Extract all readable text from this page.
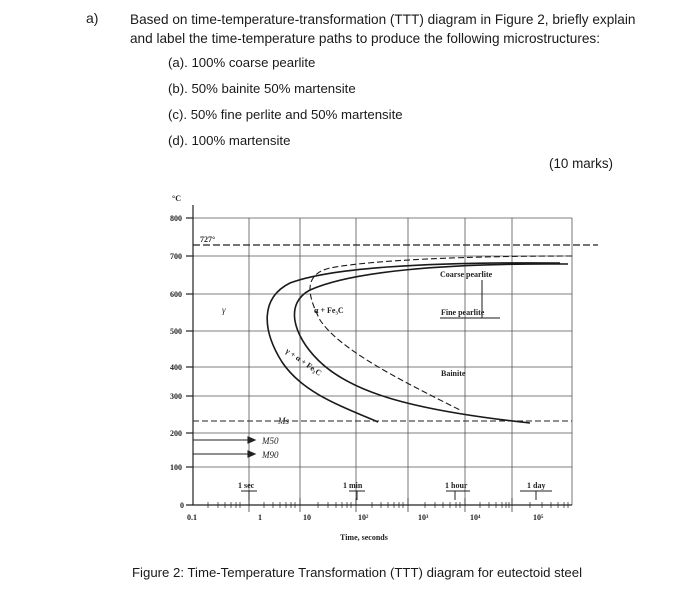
a) Based on time-temperature-transformation (TTT) diagram in Figure 2, briefly explain and label the time-temperature paths to produce the following microstructures:
(a). 100% coarse pearlite
(b). 50% bainite 50% martensite
(c). 50% fine perlite and 50% martensite
(d). 100% martensite
(10 marks)
°C
800
700
600
500
400
300
200
100
0
0.1	1	10	10²	10³	10⁴	10⁵
Time, seconds
1 sec	1 min	1 hour	1 day
727°
γ	α + Fe₃C
γ + α + Fe₃C
Coarse pearlite
Fine pearlite
Bainite
Ms
M50
M90
Figure 2: Time-Temperature Transformation (TTT) diagram for eutectoid steel
